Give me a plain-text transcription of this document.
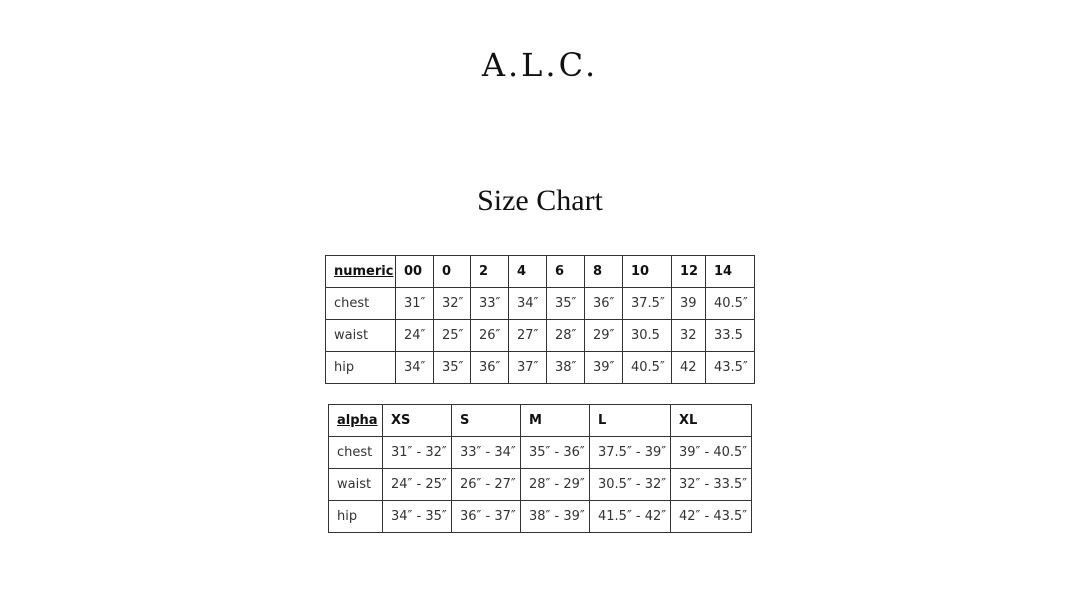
A.L.C.
Size Chart
numeric	00	0	2	4	6	8	10	12	14
chest	31″	32″	33″	34″	35″	36″	37.5″	39	40.5″
waist	24″	25″	26″	27″	28″	29″	30.5	32	33.5
hip	34″	35″	36″	37″	38″	39″	40.5″	42	43.5″
alpha	XS	S	M	L	XL
chest	31″ - 32″	33″ - 34″	35″ - 36″	37.5″ - 39″	39″ - 40.5″
waist	24″ - 25″	26″ - 27″	28″ - 29″	30.5″ - 32″	32″ - 33.5″
hip	34″ - 35″	36″ - 37″	38″ - 39″	41.5″ - 42″	42″ - 43.5″
